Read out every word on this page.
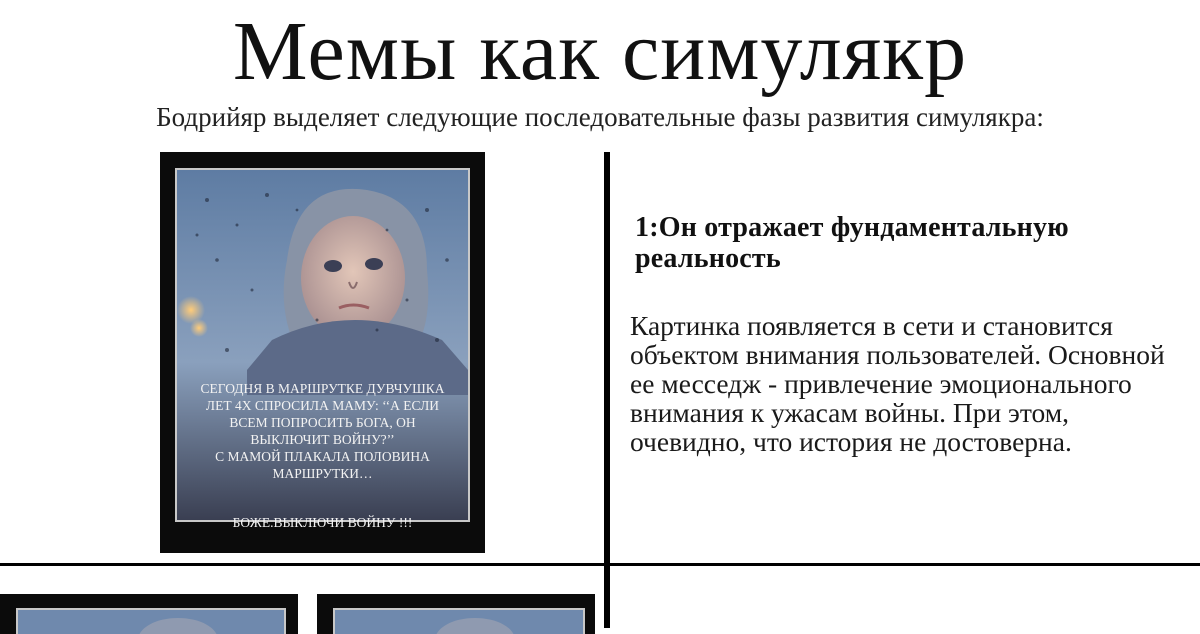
Мемы как симулякр
Бодрийяр выделяет следующие последовательные фазы развития симулякра:
СЕГОДНЯ В МАРШРУТКЕ ДУВЧУШКА
ЛЕТ 4Х СПРОСИЛА МАМУ: ‘‘А ЕСЛИ
ВСЕМ ПОПРОСИТЬ БОГА, ОН
ВЫКЛЮЧИТ ВОЙНУ?’’
С МАМОЙ ПЛАКАЛА ПОЛОВИНА
МАРШРУТКИ…
БОЖЕ.ВЫКЛЮЧИ ВОЙНУ !!!
1:Он отражает фундаментальную реальность
Картинка появляется в сети и становится объектом внимания пользователей. Основной ее месседж - привлечение эмоционального внимания к ужасам войны. При этом, очевидно, что история не достоверна.
